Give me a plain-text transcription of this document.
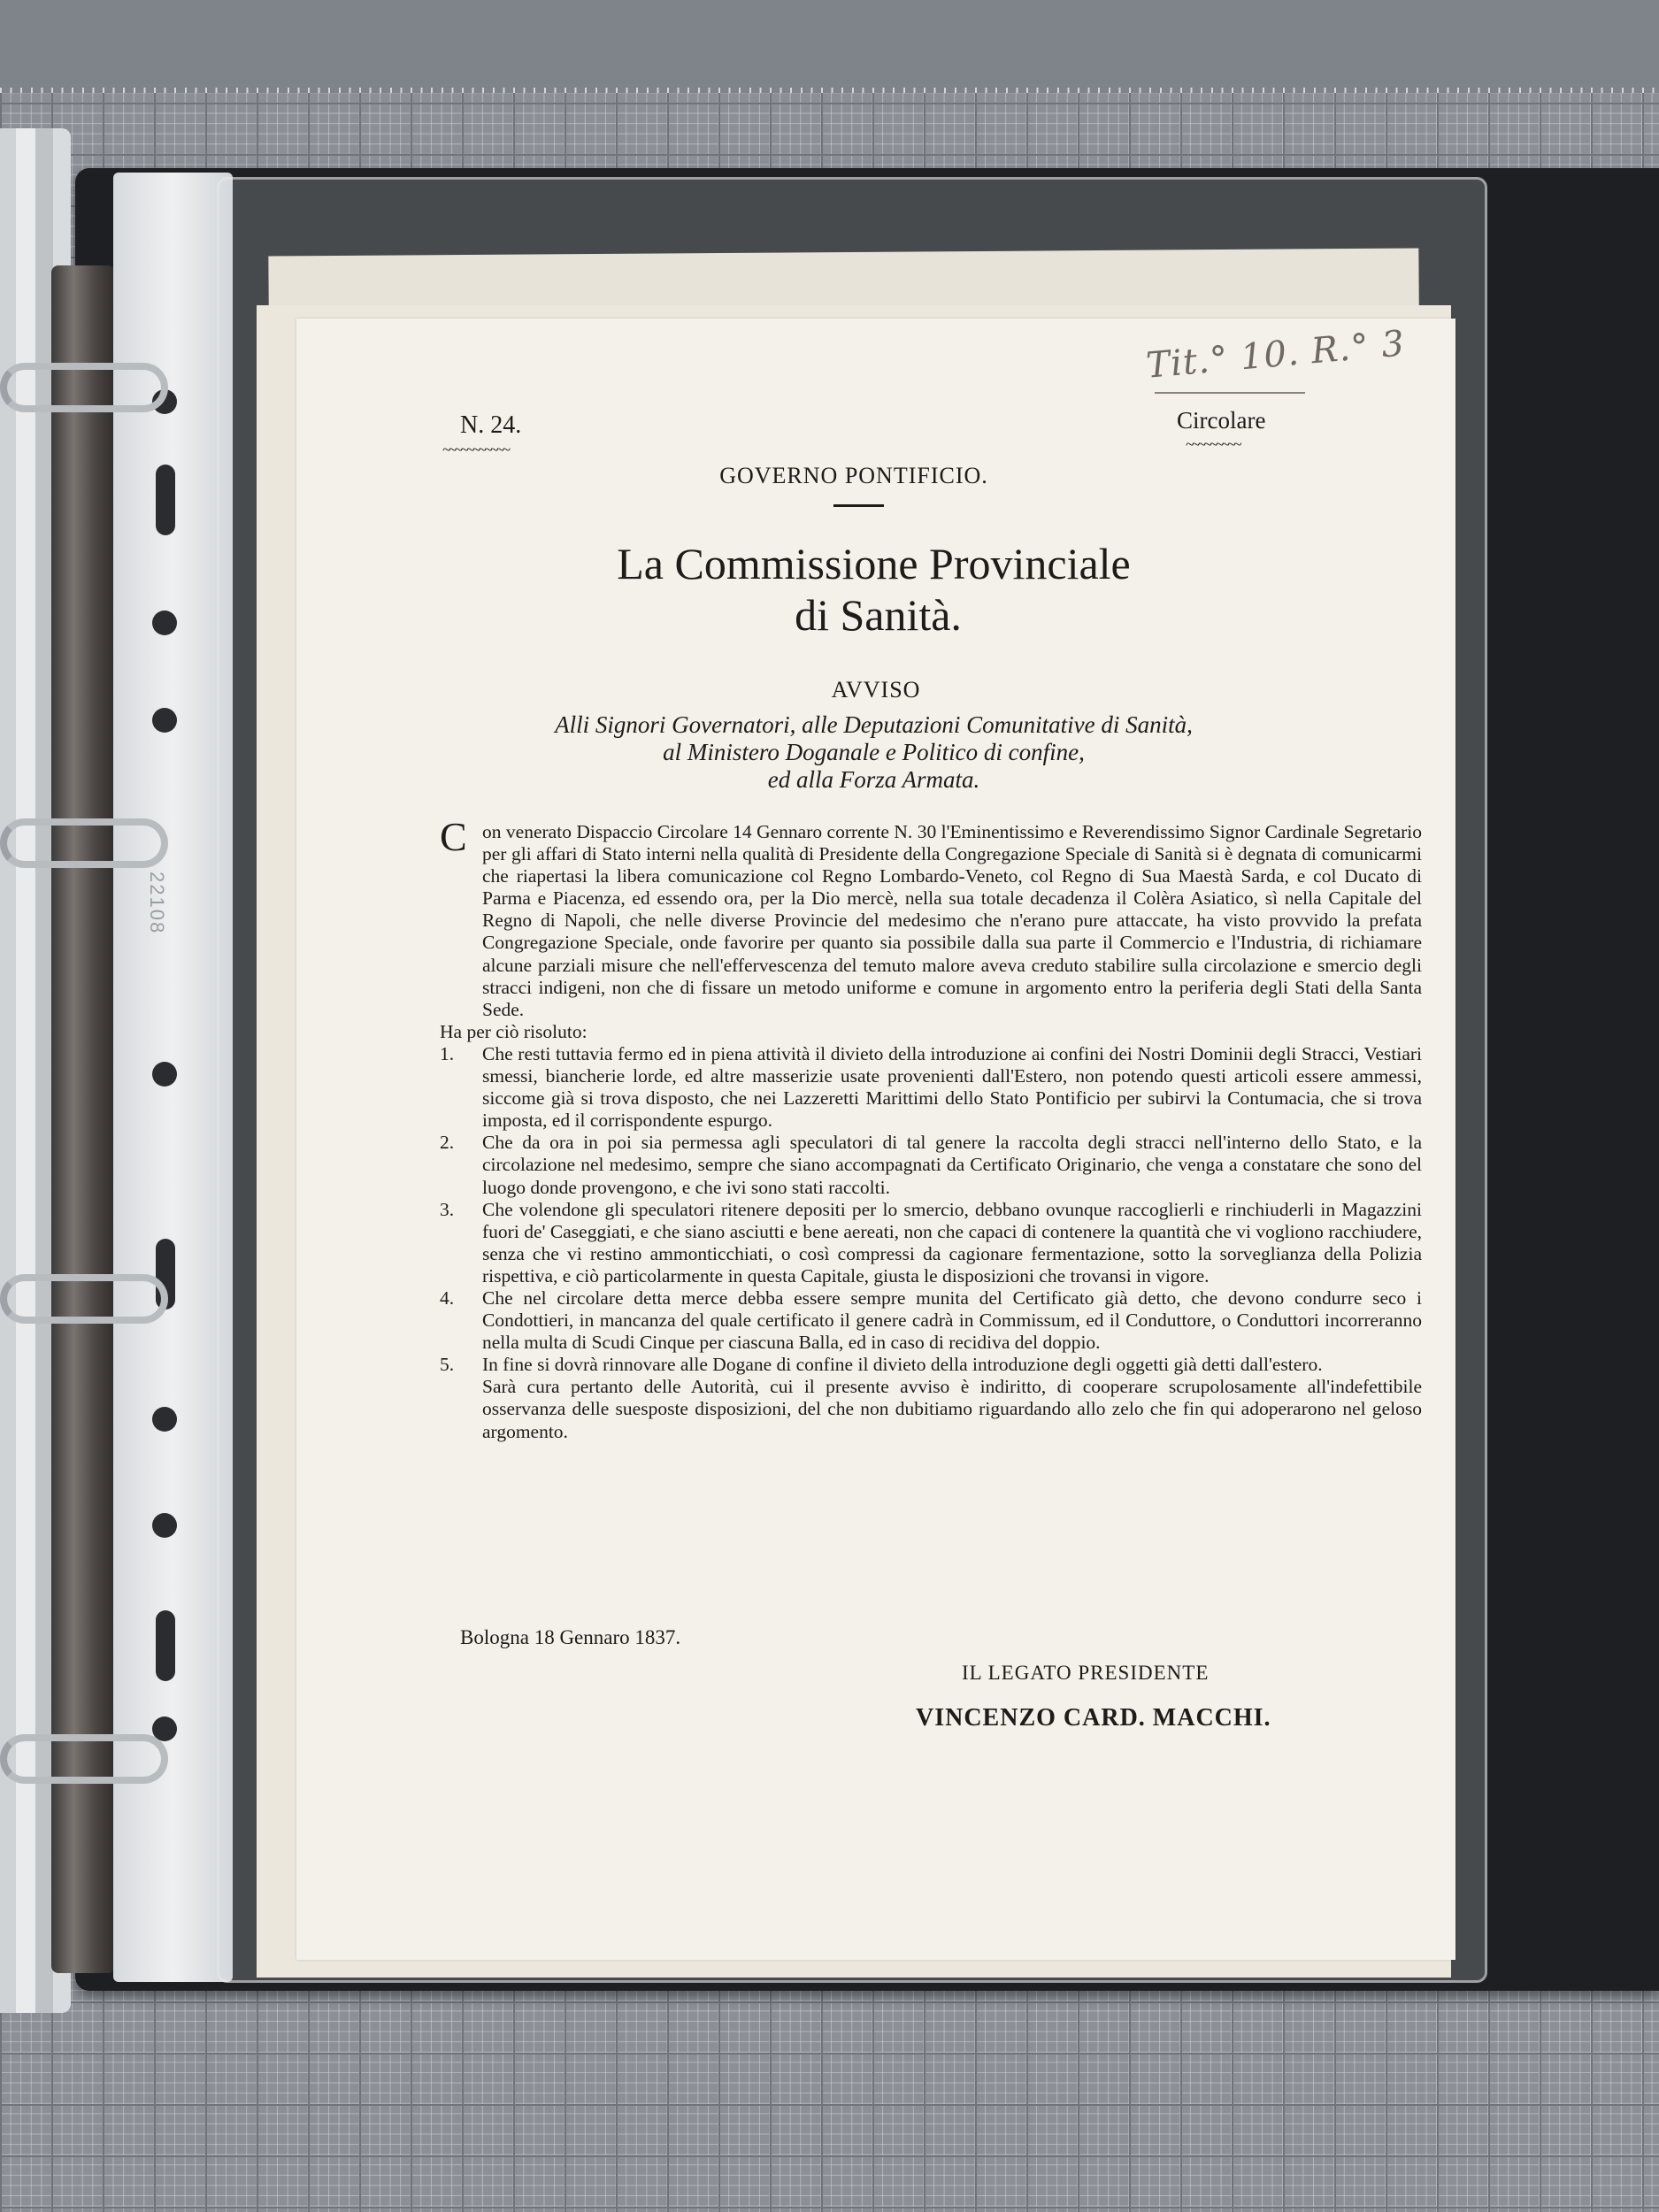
22108
Tit.° 10. R.° 3
N. 24.
~~~~~~~~~~~
Circolare
~~~~~~~~~
GOVERNO PONTIFICIO.
La Commissione Provinciale
di Sanità.
AVVISO
Alli Signori Governatori, alle Deputazioni Comunitative di Sanità,
al Ministero Doganale e Politico di confine,
ed alla Forza Armata.

C on venerato Dispaccio Circolare 14 Gennaro corrente N. 30 l'Eminentissimo e Reverendissimo Signor Cardinale Segretario per gli affari di Stato interni nella qualità di Presidente della Congregazione Speciale di Sanità si è degnata di comunicarmi che riapertasi la libera comunicazione col Regno Lombardo-Veneto, col Regno di Sua Maestà Sarda, e col Ducato di Parma e Piacenza, ed essendo ora, per la Dio mercè, nella sua totale decadenza il Colèra Asiatico, sì nella Capitale del Regno di Napoli, che nelle diverse Provincie del medesimo che n'erano pure attaccate, ha visto provvido la prefata Congregazione Speciale, onde favorire per quanto sia possibile dalla sua parte il Commercio e l'Industria, di richiamare alcune parziali misure che nell'effervescenza del temuto malore aveva creduto stabilire sulla circolazione e smercio degli stracci indigeni, non che di fissare un metodo uniforme e comune in argomento entro la periferia degli Stati della Santa Sede.

Ha per ciò risoluto:

1. Che resti tuttavia fermo ed in piena attività il divieto della introduzione ai confini dei Nostri Dominii degli Stracci, Vestiari smessi, biancherie lorde, ed altre masserizie usate provenienti dall'Estero, non potendo questi articoli essere ammessi, siccome già si trova disposto, che nei Lazzeretti Marittimi dello Stato Pontificio per subirvi la Contumacia, che si trova imposta, ed il corrispondente espurgo.

2. Che da ora in poi sia permessa agli speculatori di tal genere la raccolta degli stracci nell'interno dello Stato, e la circolazione nel medesimo, sempre che siano accompagnati da Certificato Originario, che venga a constatare che sono del luogo donde provengono, e che ivi sono stati raccolti.

3. Che volendone gli speculatori ritenere depositi per lo smercio, debbano ovunque raccoglierli e rinchiuderli in Magazzini fuori de' Caseggiati, e che siano asciutti e bene aereati, non che capaci di contenere la quantità che vi vogliono racchiudere, senza che vi restino ammonticchiati, o così compressi da cagionare fermentazione, sotto la sorveglianza della Polizia rispettiva, e ciò particolarmente in questa Capitale, giusta le disposizioni che trovansi in vigore.

4. Che nel circolare detta merce debba essere sempre munita del Certificato già detto, che devono condurre seco i Condottieri, in mancanza del quale certificato il genere cadrà in Commissum, ed il Conduttore, o Conduttori incorreranno nella multa di Scudi Cinque per ciascuna Balla, ed in caso di recidiva del doppio.

5. In fine si dovrà rinnovare alle Dogane di confine il divieto della introduzione degli oggetti già detti dall'estero.

Sarà cura pertanto delle Autorità, cui il presente avviso è indiritto, di cooperare scrupolosamente all'indefettibile osservanza delle suesposte disposizioni, del che non dubitiamo riguardando allo zelo che fin qui adoperarono nel geloso argomento.

Bologna 18 Gennaro 1837.
IL LEGATO PRESIDENTE
VINCENZO CARD. MACCHI.
